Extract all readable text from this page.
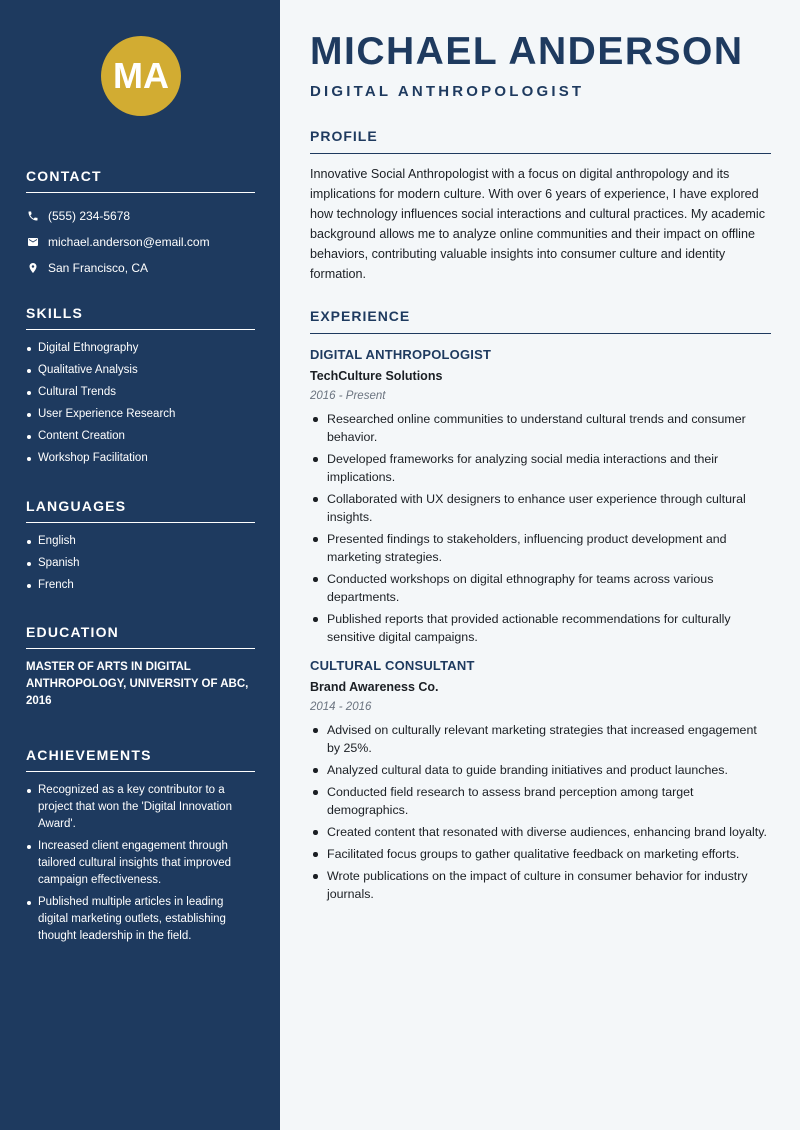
MA
CONTACT
(555) 234-5678
michael.anderson@email.com
San Francisco, CA
SKILLS
Digital Ethnography
Qualitative Analysis
Cultural Trends
User Experience Research
Content Creation
Workshop Facilitation
LANGUAGES
English
Spanish
French
EDUCATION

MASTER OF ARTS IN DIGITAL ANTHROPOLOGY, UNIVERSITY OF ABC, 2016

ACHIEVEMENTS
Recognized as a key contributor to a project that won the 'Digital Innovation Award'.
Increased client engagement through tailored cultural insights that improved campaign effectiveness.
Published multiple articles in leading digital marketing outlets, establishing thought leadership in the field.
MICHAEL ANDERSON
DIGITAL ANTHROPOLOGIST
PROFILE

Innovative Social Anthropologist with a focus on digital anthropology and its implications for modern culture. With over 6 years of experience, I have explored how technology influences social interactions and cultural practices. My academic background allows me to analyze online communities and their impact on offline behaviors, contributing valuable insights into consumer culture and identity formation.

EXPERIENCE
DIGITAL ANTHROPOLOGIST
TechCulture Solutions
2016 - Present
Researched online communities to understand cultural trends and consumer behavior.
Developed frameworks for analyzing social media interactions and their implications.
Collaborated with UX designers to enhance user experience through cultural insights.
Presented findings to stakeholders, influencing product development and marketing strategies.
Conducted workshops on digital ethnography for teams across various departments.
Published reports that provided actionable recommendations for culturally sensitive digital campaigns.
CULTURAL CONSULTANT
Brand Awareness Co.
2014 - 2016
Advised on culturally relevant marketing strategies that increased engagement by 25%.
Analyzed cultural data to guide branding initiatives and product launches.
Conducted field research to assess brand perception among target demographics.
Created content that resonated with diverse audiences, enhancing brand loyalty.
Facilitated focus groups to gather qualitative feedback on marketing efforts.
Wrote publications on the impact of culture in consumer behavior for industry journals.
